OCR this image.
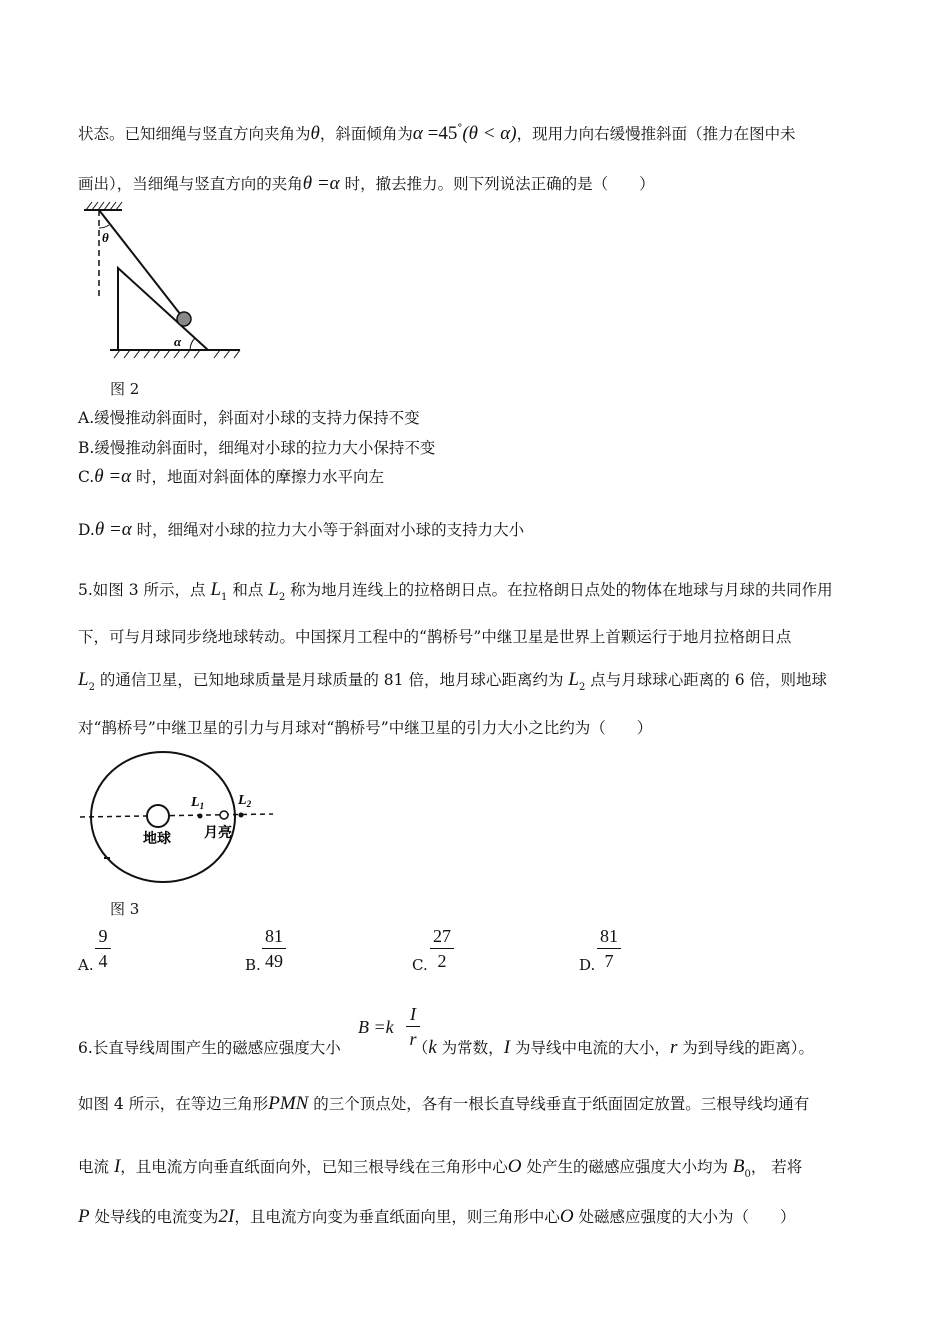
状态。已知细绳与竖直方向夹角为θ，斜面倾角为α =45°(θ < α)，现用力向右缓慢推斜面（推力在图中未
画出），当细绳与竖直方向的夹角θ =α 时，撤去推力。则下列说法正确的是（　　）
θ
α
图 2
A.缓慢推动斜面时，斜面对小球的支持力保持不变
B.缓慢推动斜面时，细绳对小球的拉力大小保持不变
C.θ =α 时，地面对斜面体的摩擦力水平向左
D.θ =α 时，细绳对小球的拉力大小等于斜面对小球的支持力大小
5.如图 3 所示，点 $L_1$ 和点 $L_2$ 称为地月连线上的拉格朗日点。在拉格朗日点处的物体在地球与月球的共同作用
下，可与月球同步绕地球转动。中国探月工程中的“鹊桥号”中继卫星是世界上首颗运行于地月拉格朗日点
$L_2$ 的通信卫星，已知地球质量是月球质量的 81 倍，地月球心距离约为 $L_2$ 点与月球球心距离的 6 倍，则地球
对“鹊桥号”中继卫星的引力与月球对“鹊桥号”中继卫星的引力大小之比约为（　　）
$L_1$ $L_2$
地球 月亮
图 3
A.
9
4	B.
81
49	C.
27
2	D.
81
7
B =k
I
r
6.长直导线周围产生的磁感应强度大小	（k 为常数，I 为导线中电流的大小，r 为到导线的距离）。
如图 4 所示，在等边三角形PMN 的三个顶点处，各有一根长直导线垂直于纸面固定放置。三根导线均通有
电流 I，且电流方向垂直纸面向外，已知三根导线在三角形中心O 处产生的磁感应强度大小均为 $B_0$， 若将
P 处导线的电流变为2I，且电流方向变为垂直纸面向里，则三角形中心O 处磁感应强度的大小为（　　）
